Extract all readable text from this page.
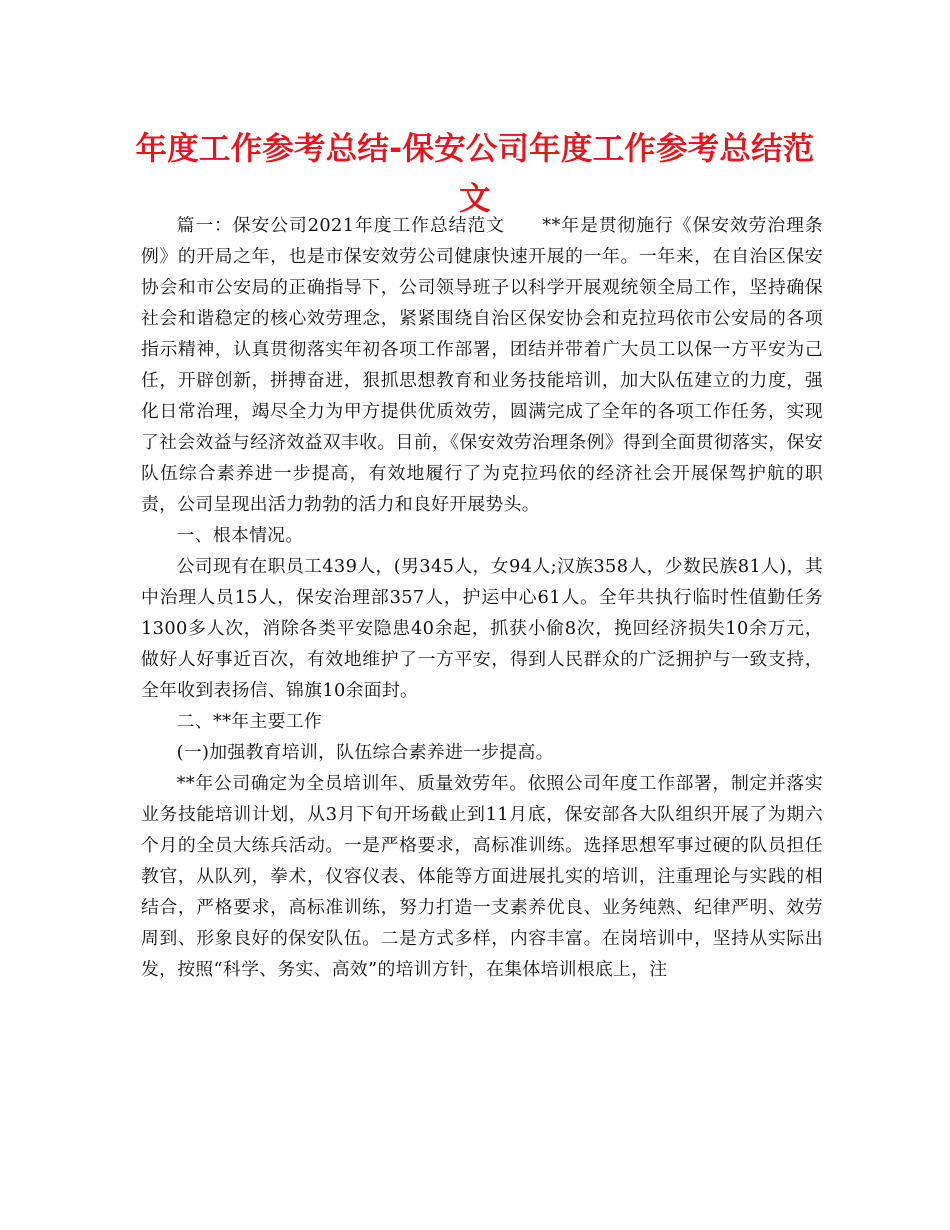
年度工作参考总结-保安公司年度工作参考总结范文

篇一：保安公司2021年度工作总结范文　　**年是贯彻施行《保安效劳治理条例》的开局之年，也是市保安效劳公司健康快速开展的一年。一年来，在自治区保安协会和市公安局的正确指导下，公司领导班子以科学开展观统领全局工作，坚持确保社会和谐稳定的核心效劳理念，紧紧围绕自治区保安协会和克拉玛依市公安局的各项指示精神，认真贯彻落实年初各项工作部署，团结并带着广大员工以保一方平安为己任，开辟创新，拼搏奋进，狠抓思想教育和业务技能培训，加大队伍建立的力度，强化日常治理，竭尽全力为甲方提供优质效劳，圆满完成了全年的各项工作任务，实现了社会效益与经济效益双丰收。目前，《保安效劳治理条例》得到全面贯彻落实，保安队伍综合素养进一步提高，有效地履行了为克拉玛依的经济社会开展保驾护航的职责，公司呈现出活力勃勃的活力和良好开展势头。

一、根本情况。

公司现有在职员工439人，(男345人，女94人;汉族358人，少数民族81人)，其中治理人员15人，保安治理部357人，护运中心61人。全年共执行临时性值勤任务1300多人次，消除各类平安隐患40余起，抓获小偷8次，挽回经济损失10余万元，做好人好事近百次，有效地维护了一方平安，得到人民群众的广泛拥护与一致支持，全年收到表扬信、锦旗10余面封。

二、**年主要工作

(一)加强教育培训，队伍综合素养进一步提高。

**年公司确定为全员培训年、质量效劳年。依照公司年度工作部署，制定并落实业务技能培训计划，从3月下旬开场截止到11月底，保安部各大队组织开展了为期六个月的全员大练兵活动。一是严格要求，高标准训练。选择思想军事过硬的队员担任教官，从队列，拳术，仪容仪表、体能等方面进展扎实的培训，注重理论与实践的相结合，严格要求，高标准训练，努力打造一支素养优良、业务纯熟、纪律严明、效劳周到、形象良好的保安队伍。二是方式多样，内容丰富。在岗培训中，坚持从实际出发，按照“科学、务实、高效”的培训方针，在集体培训根底上，注
